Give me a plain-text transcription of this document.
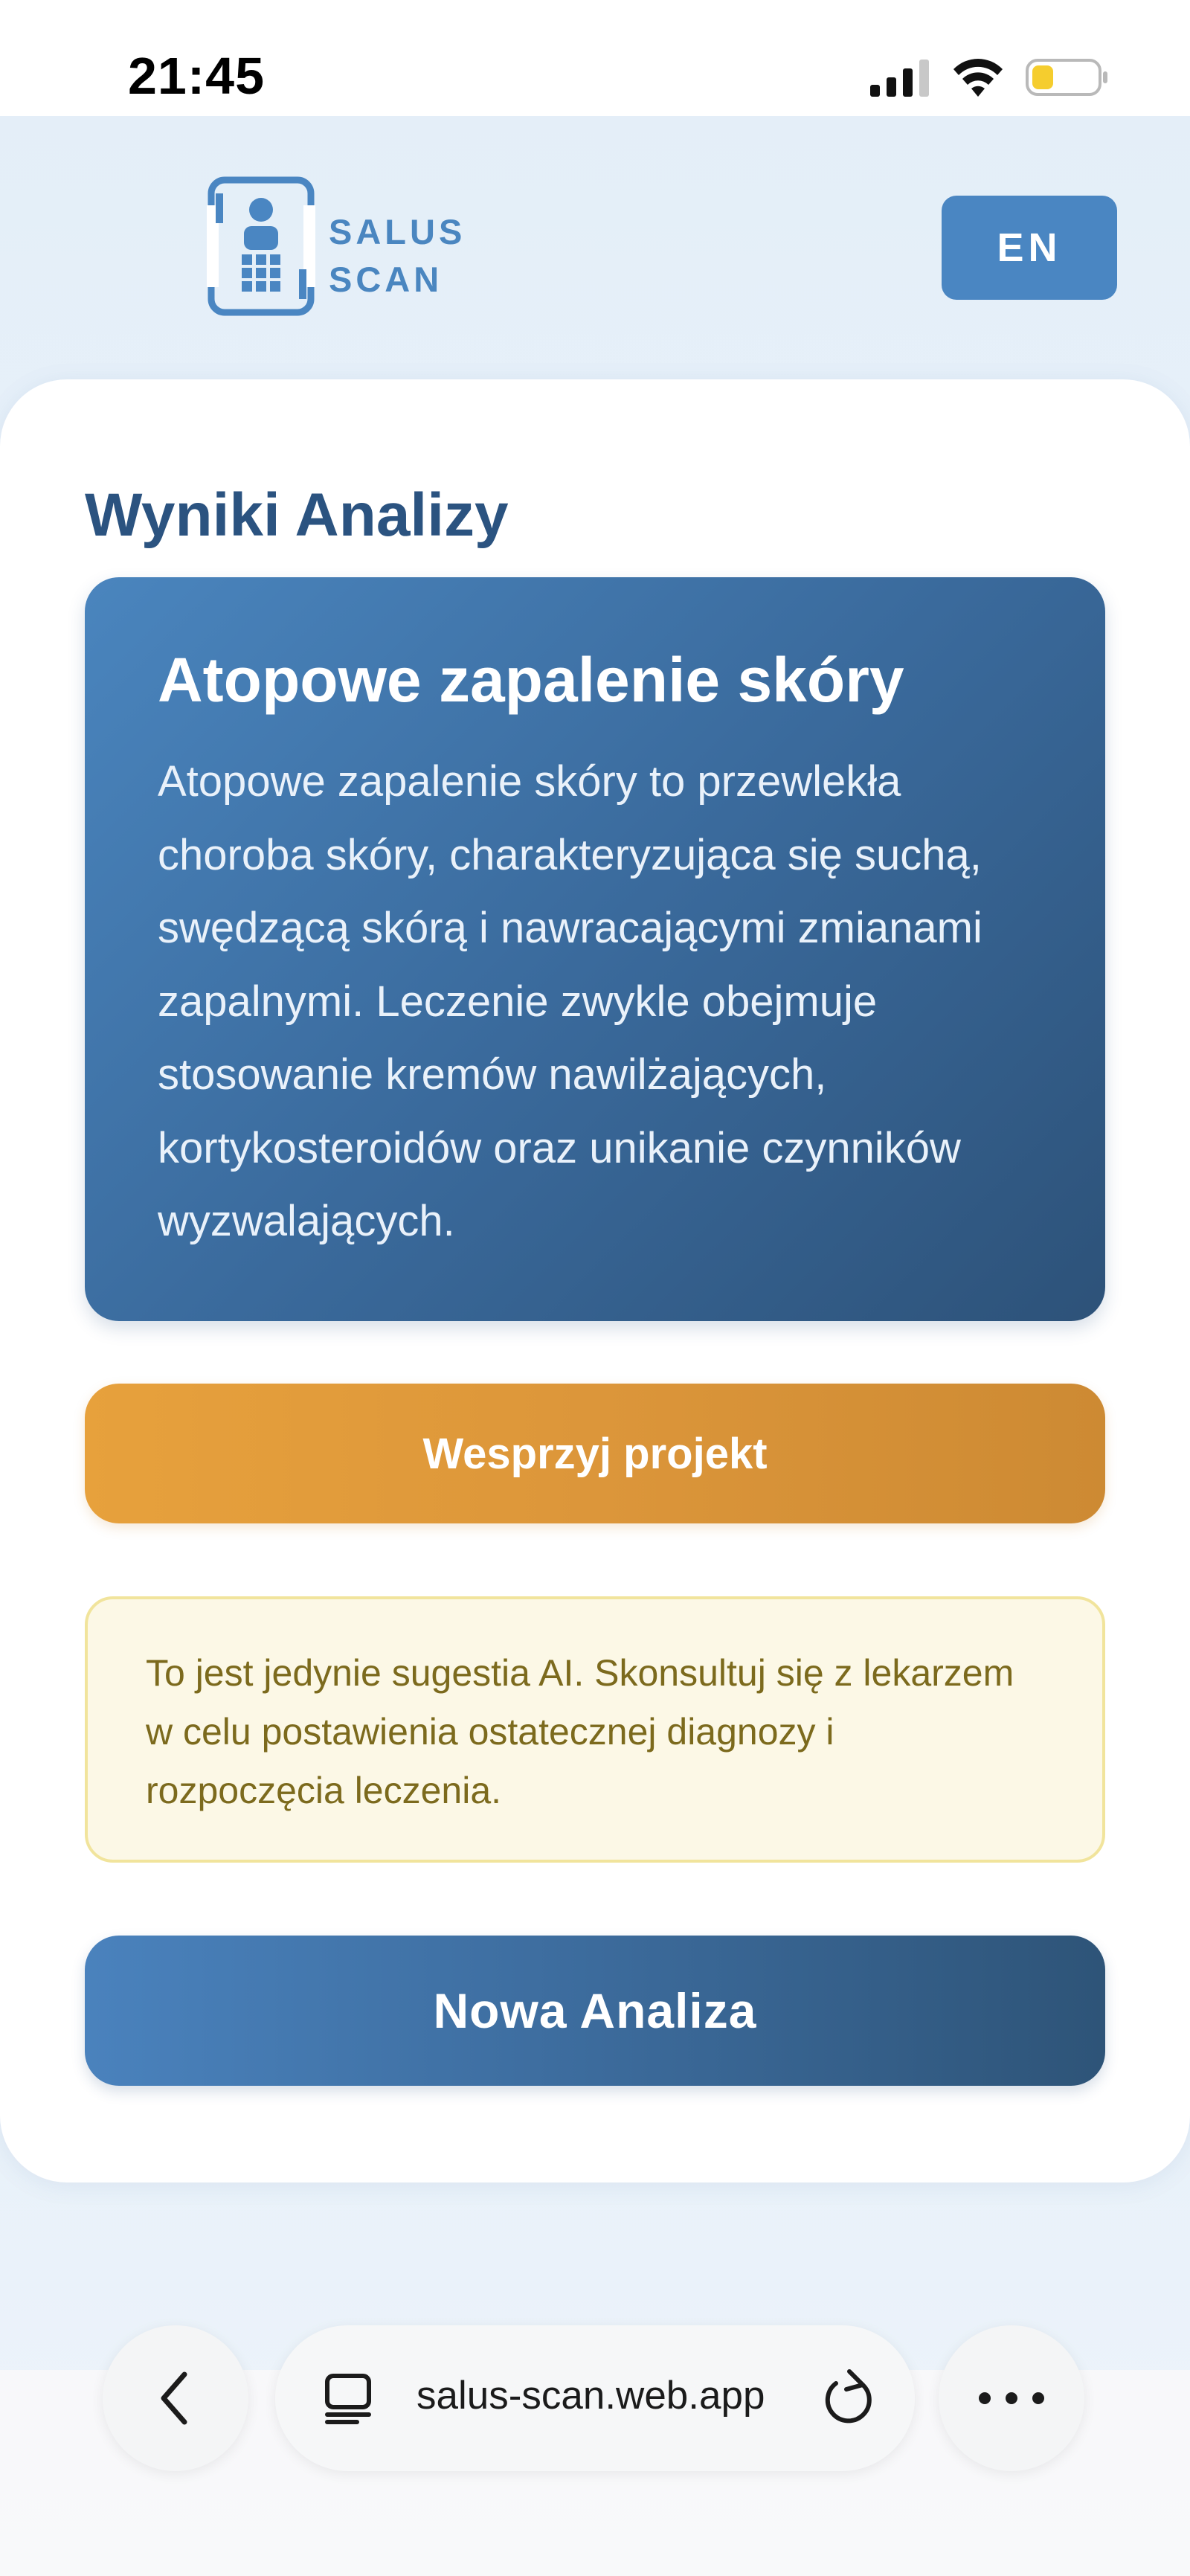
21:45
SALUS
SCAN
EN
Wyniki Analizy
Atopowe zapalenie skóry

Atopowe zapalenie skóry to przewlekła choroba skóry, charakteryzująca się suchą, swędzącą skórą i nawracającymi zmianami zapalnymi. Leczenie zwykle obejmuje stosowanie kremów nawilżających, kortykosteroidów oraz unikanie czynników wyzwalających.

Wesprzyj projekt

To jest jedynie sugestia AI. Skonsultuj się z lekarzem w celu postawienia ostatecznej diagnozy i rozpoczęcia leczenia.

Nowa Analiza
salus-scan.web.app
